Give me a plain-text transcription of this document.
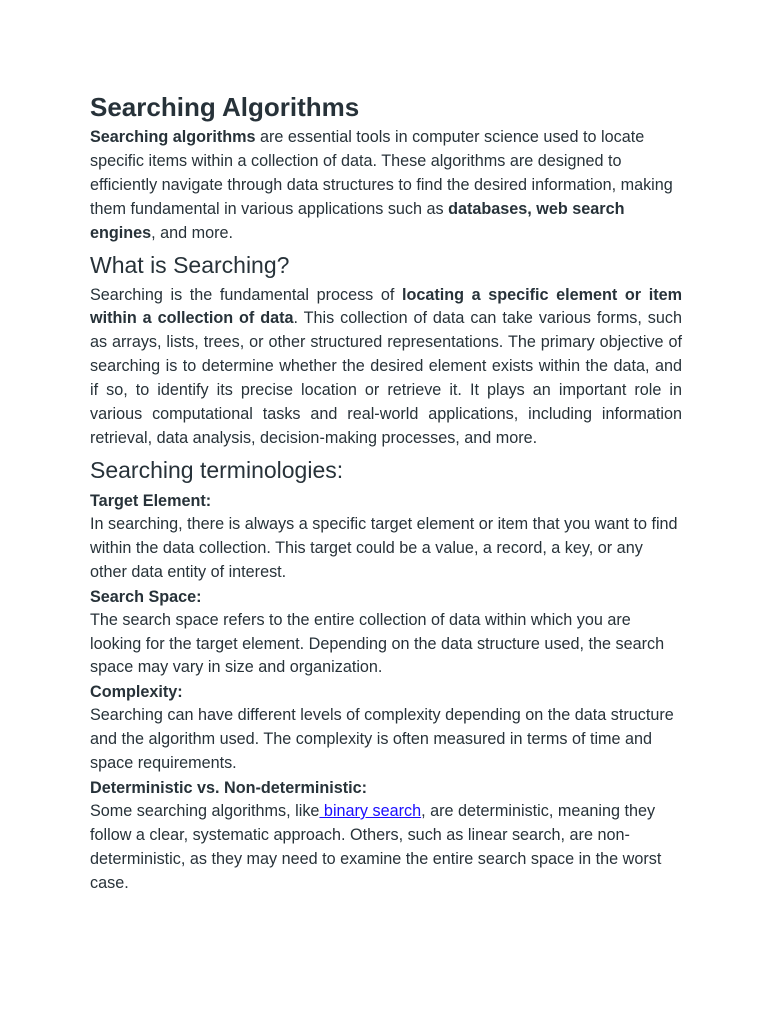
Searching Algorithms

Searching algorithms are essential tools in computer science used to locate specific items within a collection of data. These algorithms are designed to efficiently navigate through data structures to find the desired information, making them fundamental in various applications such as databases, web search engines, and more.

What is Searching?

Searching is the fundamental process of locating a specific element or item within a collection of data. This collection of data can take various forms, such as arrays, lists, trees, or other structured representations. The primary objective of searching is to determine whether the desired element exists within the data, and if so, to identify its precise location or retrieve it. It plays an important role in various computational tasks and real-world applications, including information retrieval, data analysis, decision-making processes, and more.

Searching terminologies:

Target Element:

In searching, there is always a specific target element or item that you want to find within the data collection. This target could be a value, a record, a key, or any other data entity of interest.

Search Space:

The search space refers to the entire collection of data within which you are looking for the target element. Depending on the data structure used, the search space may vary in size and organization.

Complexity:

Searching can have different levels of complexity depending on the data structure and the algorithm used. The complexity is often measured in terms of time and space requirements.

Deterministic vs. Non-deterministic:

Some searching algorithms, like binary search, are deterministic, meaning they follow a clear, systematic approach. Others, such as linear search, are non-deterministic, as they may need to examine the entire search space in the worst case.
